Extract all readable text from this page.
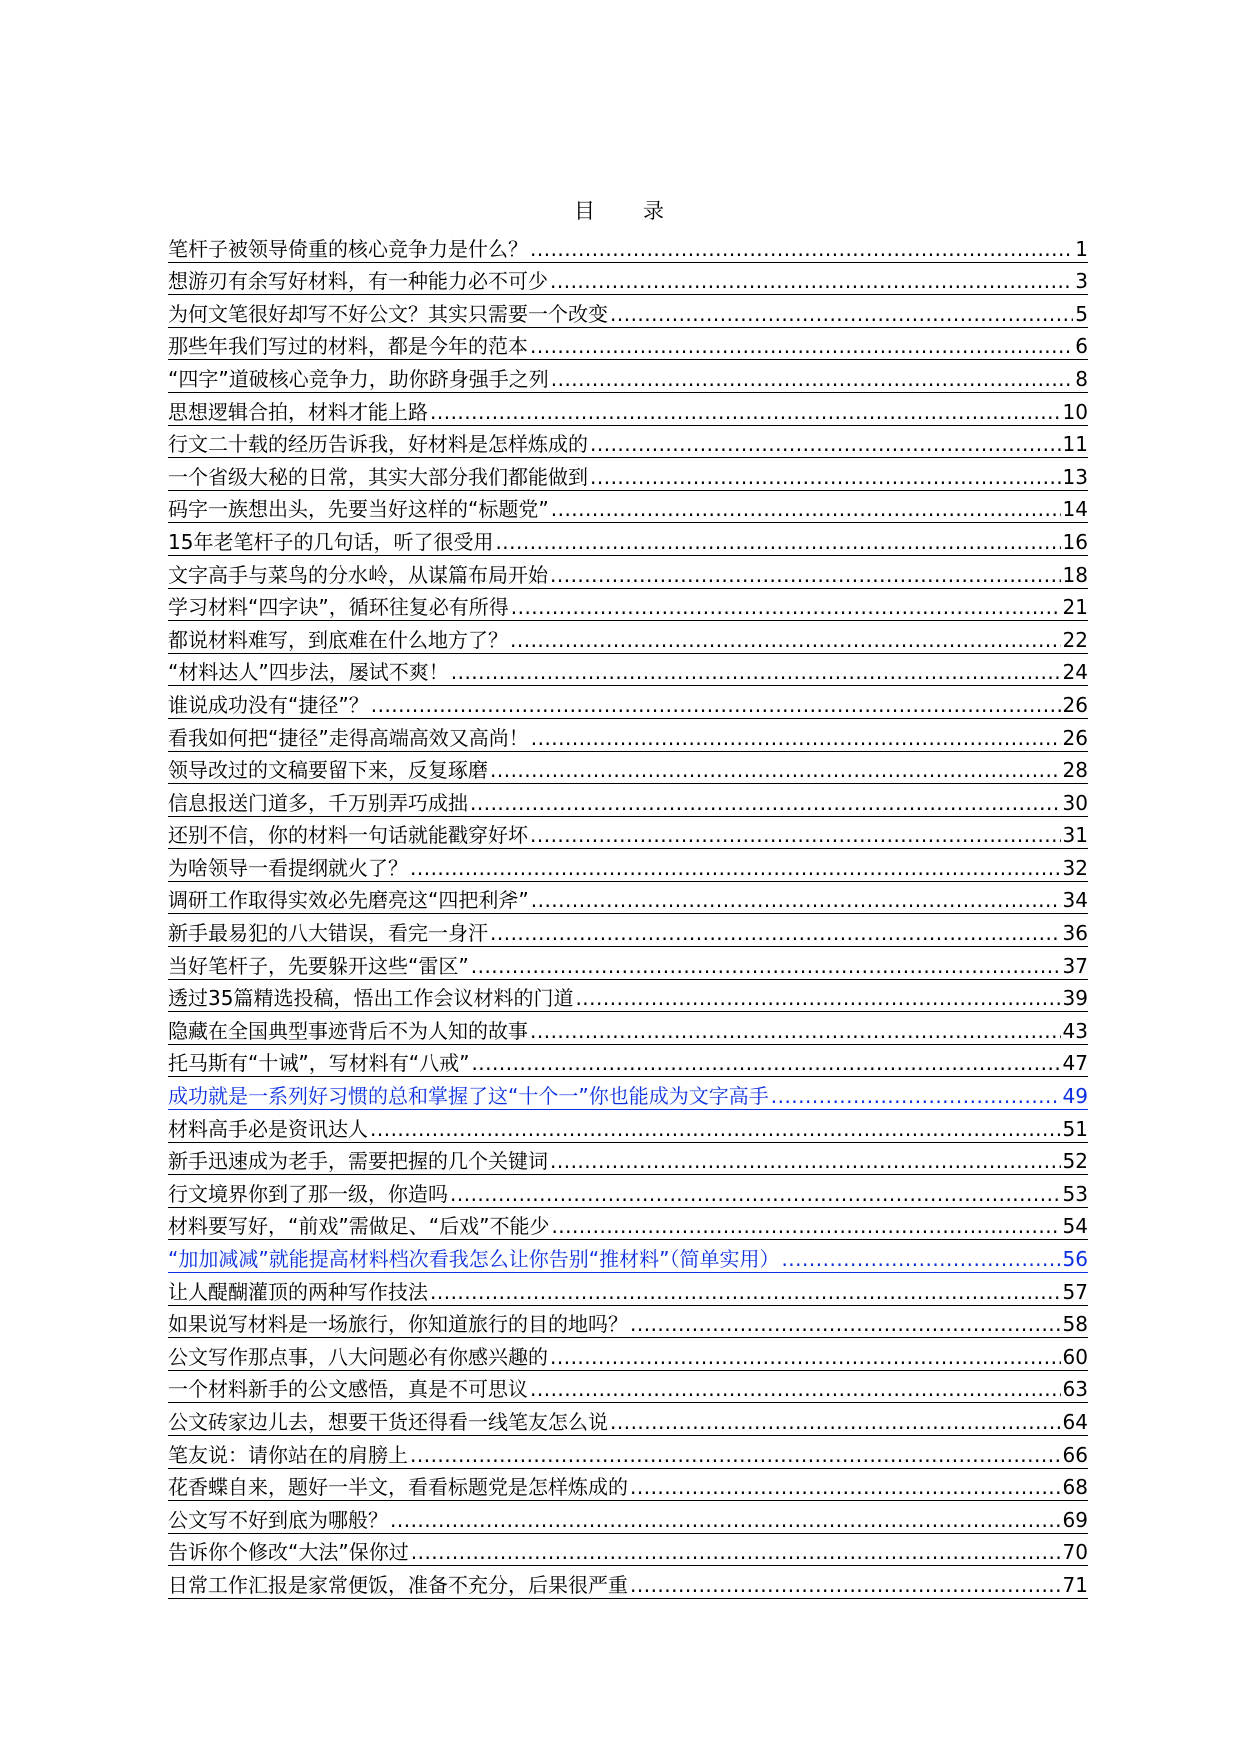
目　　录
笔杆子被领导倚重的核心竞争力是什么？ .....	1
想游刃有余写好材料，有一种能力必不可少 .....	3
为何文笔很好却写不好公文？其实只需要一个改变 .....	5
那些年我们写过的材料，都是今年的范本 .....	6
“四字”道破核心竞争力，助你跻身强手之列 .....	8
思想逻辑合拍，材料才能上路 .....	10
行文二十载的经历告诉我，好材料是怎样炼成的 .....	11
一个省级大秘的日常，其实大部分我们都能做到 .....	13
码字一族想出头，先要当好这样的“标题党” .....	14
15年老笔杆子的几句话，听了很受用 .....	16
文字高手与菜鸟的分水岭，从谋篇布局开始 .....	18
学习材料“四字诀”，循环往复必有所得 .....	21
都说材料难写，到底难在什么地方了？ .....	22
“材料达人”四步法，屡试不爽！ .....	24
谁说成功没有“捷径”？ .....	26
看我如何把“捷径”走得高端高效又高尚！ .....	26
领导改过的文稿要留下来，反复琢磨 .....	28
信息报送门道多，千万别弄巧成拙 .....	30
还别不信，你的材料一句话就能戳穿好坏 .....	31
为啥领导一看提纲就火了？ .....	32
调研工作取得实效必先磨亮这“四把利斧” .....	34
新手最易犯的八大错误，看完一身汗 .....	36
当好笔杆子，先要躲开这些“雷区” .....	37
透过35篇精选投稿，悟出工作会议材料的门道 .....	39
隐藏在全国典型事迹背后不为人知的故事 .....	43
托马斯有“十诫”，写材料有“八戒” .....	47
成功就是一系列好习惯的总和掌握了这“十个一”你也能成为文字高手 .....	49
材料高手必是资讯达人 .....	51
新手迅速成为老手，需要把握的几个关键词 .....	52
行文境界你到了那一级，你造吗 .....	53
材料要写好，“前戏”需做足、“后戏”不能少 .....	54
“加加减减”就能提高材料档次看我怎么让你告别“推材料”（简单实用） .....	56
让人醍醐灌顶的两种写作技法 .....	57
如果说写材料是一场旅行，你知道旅行的目的地吗？ .....	58
公文写作那点事，八大问题必有你感兴趣的 .....	60
一个材料新手的公文感悟，真是不可思议 .....	63
公文砖家边儿去，想要干货还得看一线笔友怎么说 .....	64
笔友说：请你站在的肩膀上 .....	66
花香蝶自来，题好一半文，看看标题党是怎样炼成的 .....	68
公文写不好到底为哪般？ .....	69
告诉你个修改“大法”保你过 .....	70
日常工作汇报是家常便饭，准备不充分，后果很严重 .....	71
